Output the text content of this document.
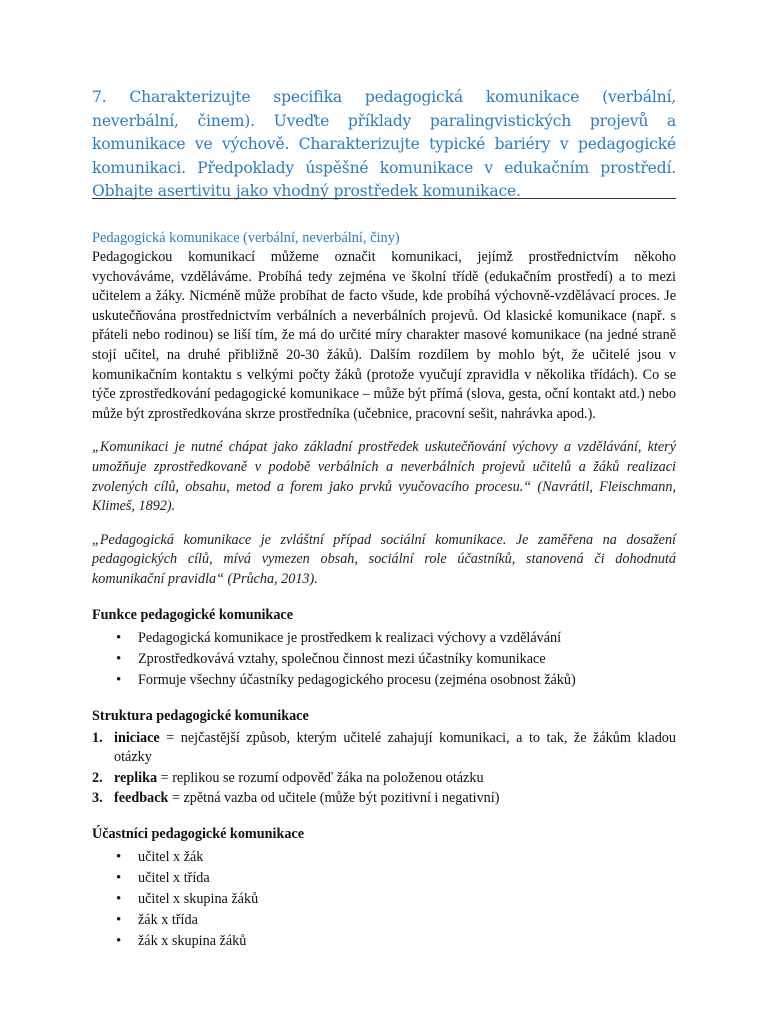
7. Charakterizujte specifika pedagogická komunikace (verbální, neverbální, činem). Uveďte příklady paralingvistických projevů a komunikace ve výchově. Charakterizujte typické bariéry v pedagogické komunikaci. Předpoklady úspěšné komunikace v edukačním prostředí. Obhajte asertivitu jako vhodný prostředek komunikace.

Pedagogická komunikace (verbální, neverbální, činy)

Pedagogickou komunikací můžeme označit komunikaci, jejímž prostřednictvím někoho vychováváme, vzděláváme. Probíhá tedy zejména ve školní třídě (edukačním prostředí) a to mezi učitelem a žáky. Nicméně může probíhat de facto všude, kde probíhá výchovně-vzdělávací proces. Je uskutečňována prostřednictvím verbálních a neverbálních projevů. Od klasické komunikace (např. s přáteli nebo rodinou) se liší tím, že má do určité míry charakter masové komunikace (na jedné straně stojí učitel, na druhé přibližně 20-30 žáků). Dalším rozdílem by mohlo být, že učitelé jsou v komunikačním kontaktu s velkými počty žáků (protože vyučují zpravidla v několika třídách). Co se týče zprostředkování pedagogické komunikace – může být přímá (slova, gesta, oční kontakt atd.) nebo může být zprostředkována skrze prostředníka (učebnice, pracovní sešit, nahrávka apod.).

„Komunikaci je nutné chápat jako základní prostředek uskutečňování výchovy a vzdělávání, který umožňuje zprostředkovaně v podobě verbálních a neverbálních projevů učitelů a žáků realizaci zvolených cílů, obsahu, metod a forem jako prvků vyučovacího procesu.“ (Navrátil, Fleischmann, Klimeš, 1892).

„Pedagogická komunikace je zvláštní případ sociální komunikace. Je zaměřena na dosažení pedagogických cílů, mívá vymezen obsah, sociální role účastníků, stanovená či dohodnutá komunikační pravidla“ (Průcha, 2013).

Funkce pedagogické komunikace
• Pedagogická komunikace je prostředkem k realizaci výchovy a vzdělávání
• Zprostředkovává vztahy, společnou činnost mezi účastníky komunikace
• Formuje všechny účastníky pedagogického procesu (zejména osobnost žáků)
Struktura pedagogické komunikace
1. iniciace = nejčastější způsob, kterým učitelé zahajují komunikaci, a to tak, že žákům kladou otázky
2. replika = replikou se rozumí odpověď žáka na položenou otázku
3. feedback = zpětná vazba od učitele (může být pozitivní i negativní)
Účastníci pedagogické komunikace
• učitel x žák
• učitel x třída
• učitel x skupina žáků
• žák x třída
• žák x skupina žáků
